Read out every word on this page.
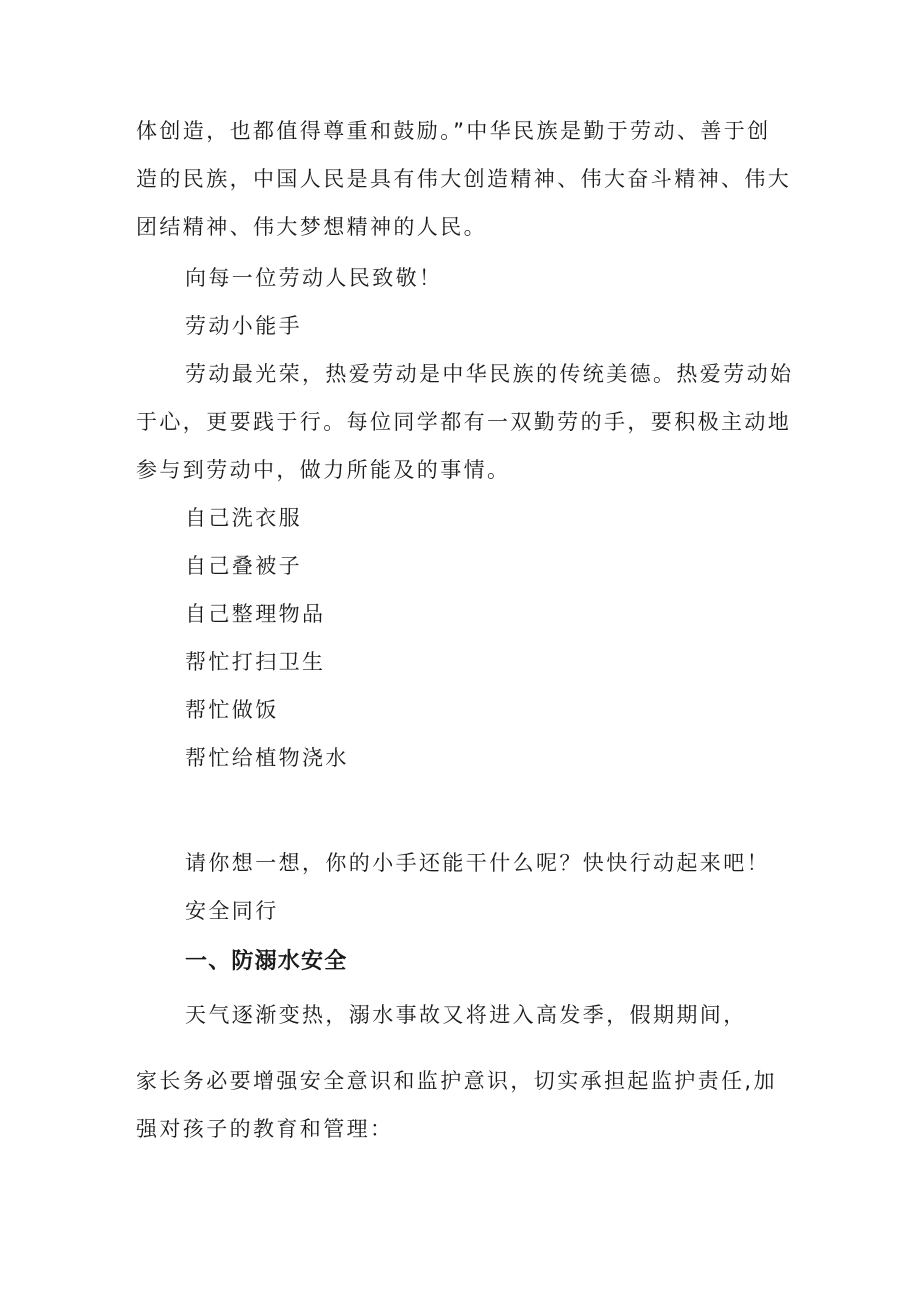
体创造，也都值得尊重和鼓励。”中华民族是勤于劳动、善于创
造的民族，中国人民是具有伟大创造精神、伟大奋斗精神、伟大
团结精神、伟大梦想精神的人民。
向每一位劳动人民致敬！
劳动小能手
劳动最光荣，热爱劳动是中华民族的传统美德。热爱劳动始
于心，更要践于行。每位同学都有一双勤劳的手，要积极主动地
参与到劳动中，做力所能及的事情。
自己洗衣服
自己叠被子
自己整理物品
帮忙打扫卫生
帮忙做饭
帮忙给植物浇水
请你想一想，你的小手还能干什么呢？快快行动起来吧！
安全同行
一、防溺水安全
天气逐渐变热，溺水事故又将进入高发季，假期期间，
家长务必要增强安全意识和监护意识，切实承担起监护责任,加
强对孩子的教育和管理：
